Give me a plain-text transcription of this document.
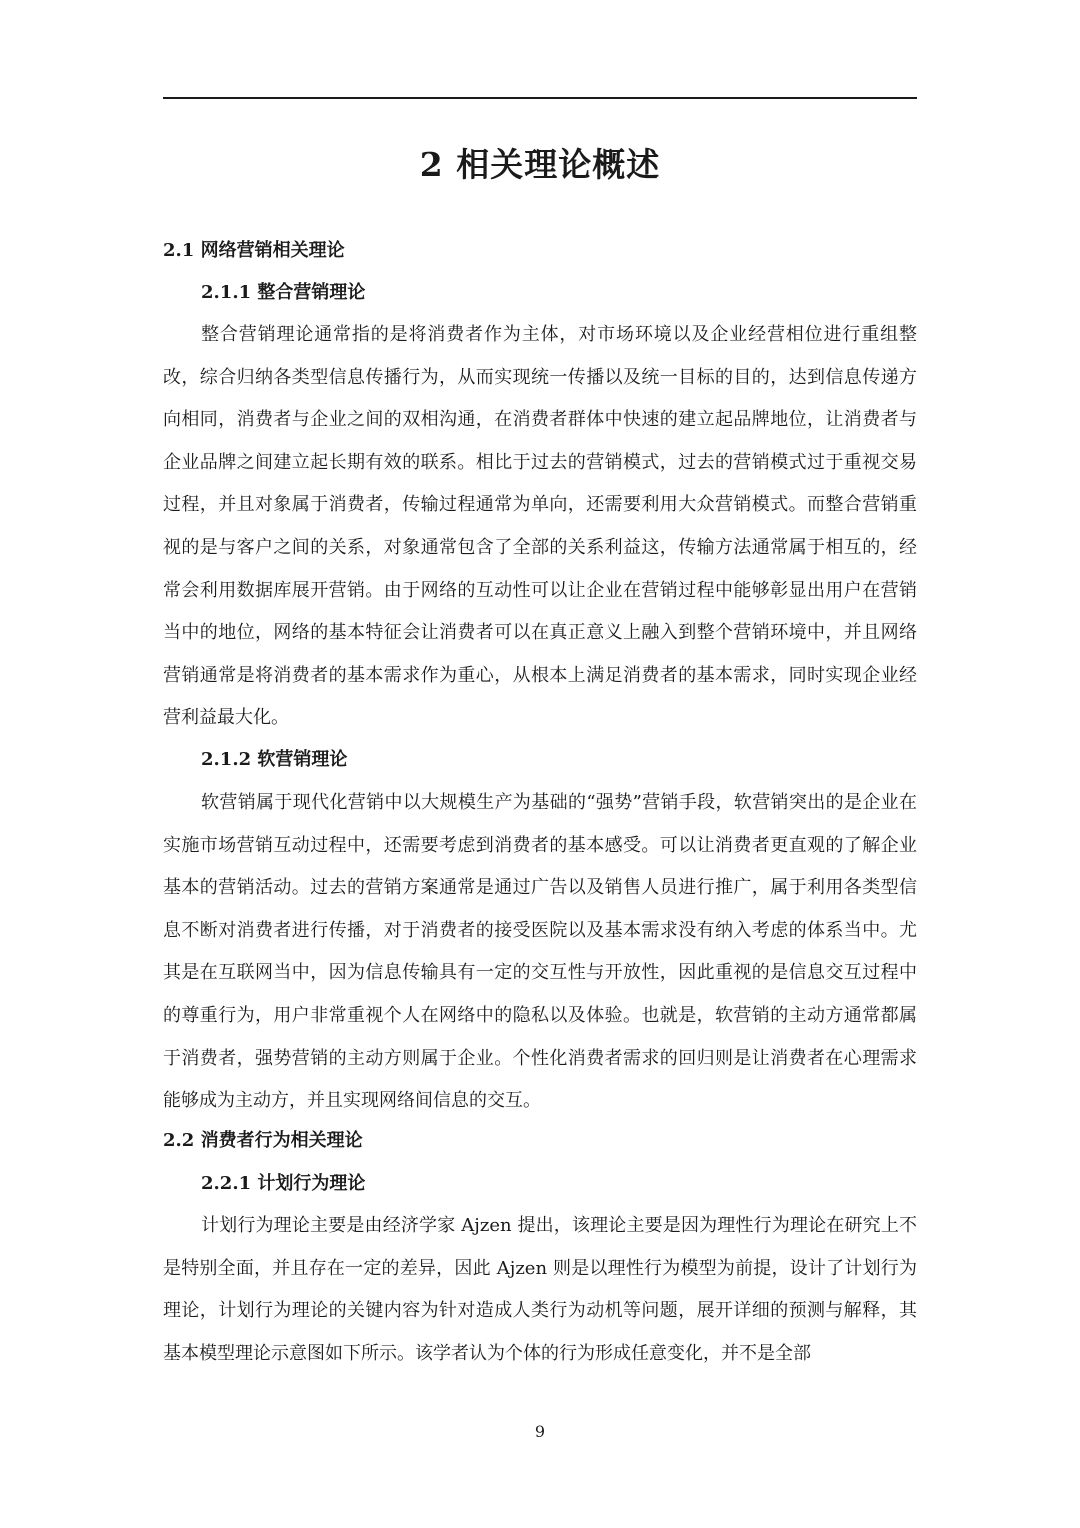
2 相关理论概述
2.1 网络营销相关理论
2.1.1 整合营销理论

整合营销理论通常指的是将消费者作为主体，对市场环境以及企业经营相位进行重组整改，综合归纳各类型信息传播行为，从而实现统一传播以及统一目标的目的，达到信息传递方向相同，消费者与企业之间的双相沟通，在消费者群体中快速的建立起品牌地位，让消费者与企业品牌之间建立起长期有效的联系。相比于过去的营销模式，过去的营销模式过于重视交易过程，并且对象属于消费者，传输过程通常为单向，还需要利用大众营销模式。而整合营销重视的是与客户之间的关系，对象通常包含了全部的关系利益这，传输方法通常属于相互的，经常会利用数据库展开营销。由于网络的互动性可以让企业在营销过程中能够彰显出用户在营销当中的地位，网络的基本特征会让消费者可以在真正意义上融入到整个营销环境中，并且网络营销通常是将消费者的基本需求作为重心，从根本上满足消费者的基本需求，同时实现企业经营利益最大化。

2.1.2 软营销理论

软营销属于现代化营销中以大规模生产为基础的“强势”营销手段，软营销突出的是企业在实施市场营销互动过程中，还需要考虑到消费者的基本感受。可以让消费者更直观的了解企业基本的营销活动。过去的营销方案通常是通过广告以及销售人员进行推广，属于利用各类型信息不断对消费者进行传播，对于消费者的接受医院以及基本需求没有纳入考虑的体系当中。尤其是在互联网当中，因为信息传输具有一定的交互性与开放性，因此重视的是信息交互过程中的尊重行为，用户非常重视个人在网络中的隐私以及体验。也就是，软营销的主动方通常都属于消费者，强势营销的主动方则属于企业。个性化消费者需求的回归则是让消费者在心理需求能够成为主动方，并且实现网络间信息的交互。

2.2 消费者行为相关理论
2.2.1 计划行为理论

计划行为理论主要是由经济学家 Ajzen 提出，该理论主要是因为理性行为理论在研究上不是特别全面，并且存在一定的差异，因此 Ajzen 则是以理性行为模型为前提，设计了计划行为理论，计划行为理论的关键内容为针对造成人类行为动机等问题，展开详细的预测与解释，其基本模型理论示意图如下所示。该学者认为个体的行为形成任意变化，并不是全部

9
